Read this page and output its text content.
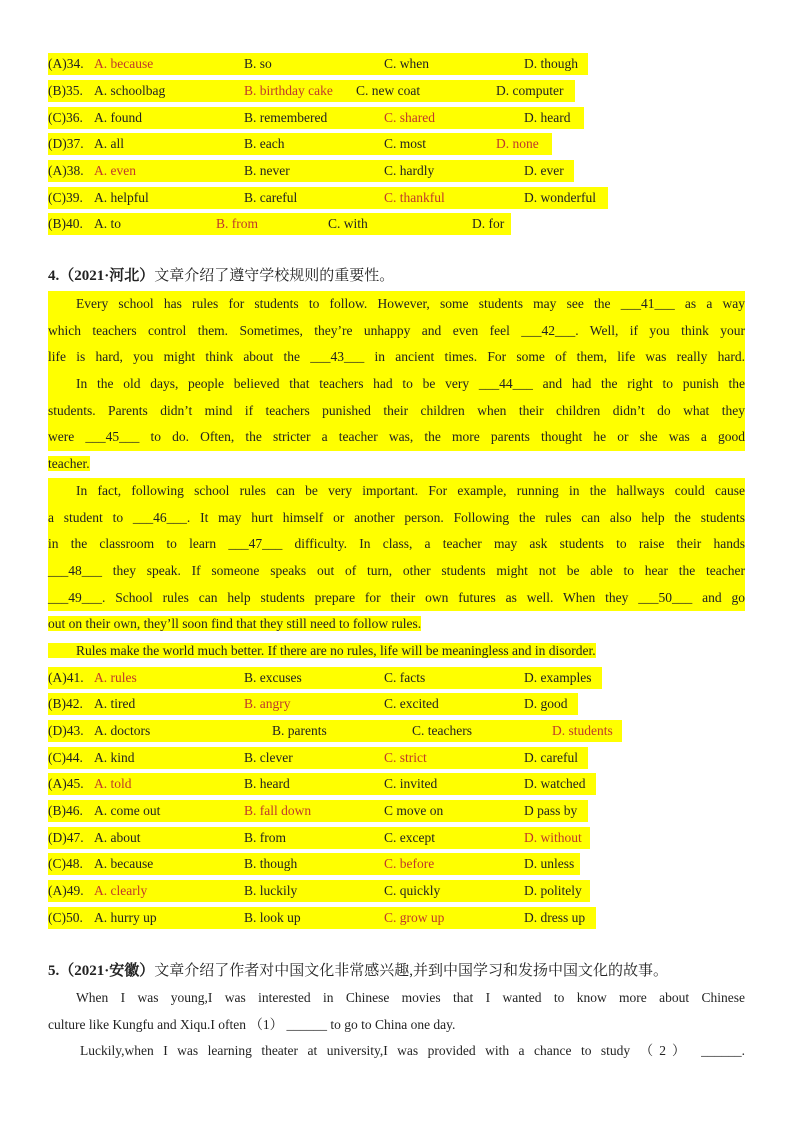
(A)34. A. because	B. so	C. when	D. though
(B)35. A. schoolbag	B. birthday cake C. new coat	D. computer
(C)36. A. found	B. remembered	C. shared	D. heard
(D)37. A. all	B. each	C. most	D. none
(A)38. A. even	B. never	C. hardly	D. ever
(C)39. A. helpful	B. careful	C. thankful	D. wonderful
(B)40. A. to	B. from	C. with	D. for
4.（2021·河北）文章介绍了遵守学校规则的重要性。
Every school has rules for students to follow. However, some students may see the ___41___ as a way
which teachers control them. Sometimes, they’re unhappy and even feel ___42___. Well, if you think your
life is hard, you might think about the ___43___ in ancient times. For some of them, life was really hard.
In the old days, people believed that teachers had to be very ___44___ and had the right to punish the
students. Parents didn’t mind if teachers punished their children when their children didn’t do what they
were ___45___ to do. Often, the stricter a teacher was, the more parents thought he or she was a good
teacher.
In fact, following school rules can be very important. For example, running in the hallways could cause
a student to ___46___. It may hurt himself or another person. Following the rules can also help the students
in the classroom to learn ___47___ difficulty. In class, a teacher may ask students to raise their hands
___48___ they speak. If someone speaks out of turn, other students might not be able to hear the teacher
___49___. School rules can help students prepare for their own futures as well. When they ___50___ and go
out on their own, they’ll soon find that they still need to follow rules.
Rules make the world much better. If there are no rules, life will be meaningless and in disorder.
(A)41. A. rules	B. excuses	C. facts	D. examples
(B)42. A. tired	B. angry	C. excited	D. good
(D)43. A. doctors	B. parents	C. teachers	D. students
(C)44. A. kind	B. clever	C. strict	D. careful
(A)45. A. told	B. heard	C. invited	D. watched
(B)46. A. come out	B. fall down	C move on	D pass by
(D)47. A. about	B. from	C. except	D. without
(C)48. A. because	B. though	C. before	D. unless
(A)49. A. clearly	B. luckily	C. quickly	D. politely
(C)50. A. hurry up	B. look up	C. grow up	D. dress up
5.（2021·安徽）文章介绍了作者对中国文化非常感兴趣,并到中国学习和发扬中国文化的故事。
When I was young,I was interested in Chinese movies that I wanted to know more about Chinese
culture like Kungfu and Xiqu.I often （1） ______ to go to China one day.
Luckily,when I was learning theater at university,I was provided with a chance to study （2） ______.
